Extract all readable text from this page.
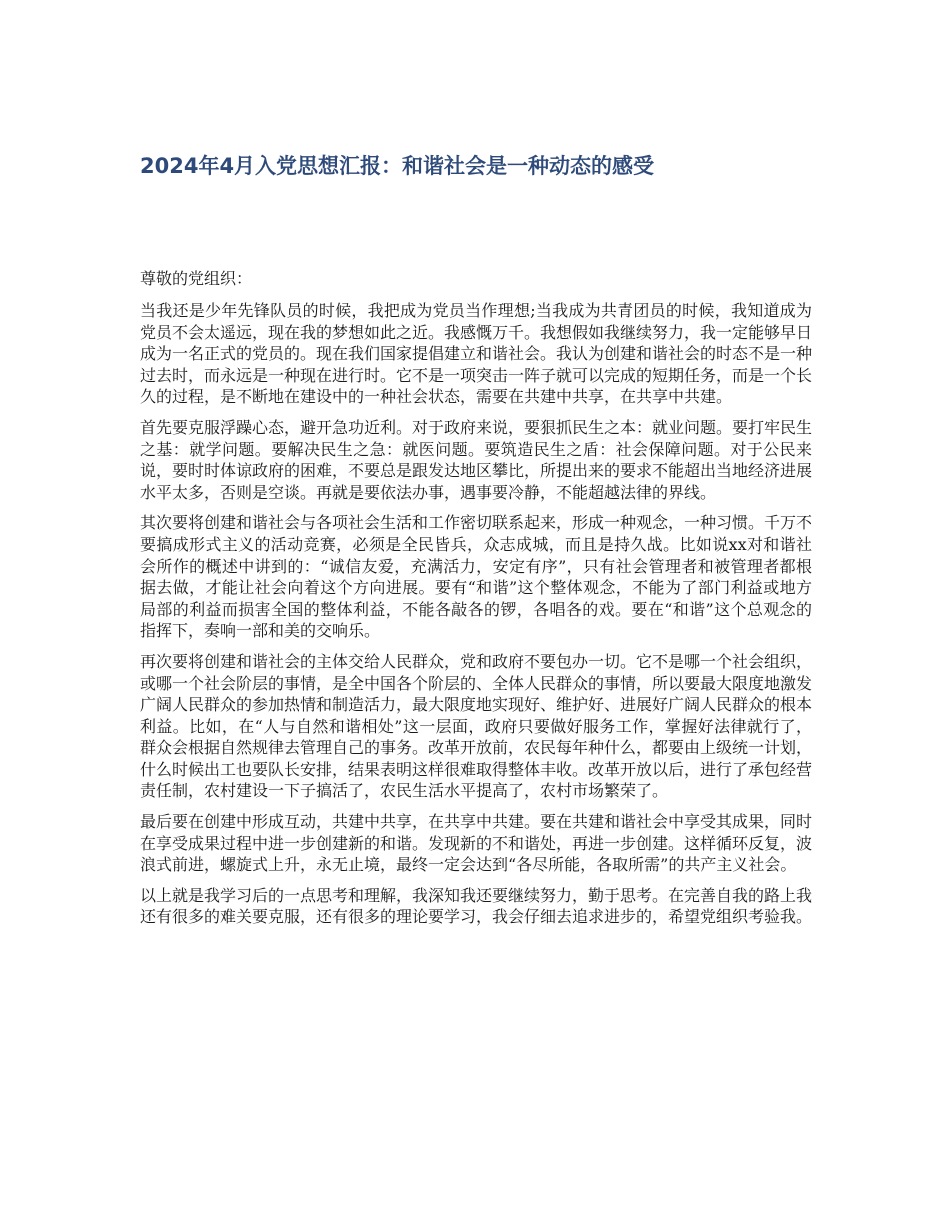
2024年4月入党思想汇报：和谐社会是一种动态的感受

尊敬的党组织：

当我还是少年先锋队员的时候，我把成为党员当作理想;当我成为共青团员的时候，我知道成为党员不会太遥远，现在我的梦想如此之近。我感慨万千。我想假如我继续努力，我一定能够早日成为一名正式的党员的。现在我们国家提倡建立和谐社会。我认为创建和谐社会的时态不是一种过去时，而永远是一种现在进行时。它不是一项突击一阵子就可以完成的短期任务，而是一个长久的过程，是不断地在建设中的一种社会状态，需要在共建中共享，在共享中共建。

首先要克服浮躁心态，避开急功近利。对于政府来说，要狠抓民生之本：就业问题。要打牢民生之基：就学问题。要解决民生之急：就医问题。要筑造民生之盾：社会保障问题。对于公民来说，要时时体谅政府的困难，不要总是跟发达地区攀比，所提出来的要求不能超出当地经济进展水平太多，否则是空谈。再就是要依法办事，遇事要冷静，不能超越法律的界线。

其次要将创建和谐社会与各项社会生活和工作密切联系起来，形成一种观念，一种习惯。千万不要搞成形式主义的活动竞赛，必须是全民皆兵，众志成城，而且是持久战。比如说xx对和谐社会所作的概述中讲到的：“诚信友爱，充满活力，安定有序”，只有社会管理者和被管理者都根据去做，才能让社会向着这个方向进展。要有“和谐”这个整体观念，不能为了部门利益或地方局部的利益而损害全国的整体利益，不能各敲各的锣，各唱各的戏。要在“和谐”这个总观念的指挥下，奏响一部和美的交响乐。

再次要将创建和谐社会的主体交给人民群众，党和政府不要包办一切。它不是哪一个社会组织，或哪一个社会阶层的事情，是全中国各个阶层的、全体人民群众的事情，所以要最大限度地激发广阔人民群众的参加热情和制造活力，最大限度地实现好、维护好、进展好广阔人民群众的根本利益。比如，在“人与自然和谐相处”这一层面，政府只要做好服务工作，掌握好法律就行了，群众会根据自然规律去管理自己的事务。改革开放前，农民每年种什么，都要由上级统一计划，什么时候出工也要队长安排，结果表明这样很难取得整体丰收。改革开放以后，进行了承包经营责任制，农村建设一下子搞活了，农民生活水平提高了，农村市场繁荣了。

最后要在创建中形成互动，共建中共享，在共享中共建。要在共建和谐社会中享受其成果，同时在享受成果过程中进一步创建新的和谐。发现新的不和谐处，再进一步创建。这样循环反复，波浪式前进，螺旋式上升，永无止境，最终一定会达到“各尽所能，各取所需”的共产主义社会。

以上就是我学习后的一点思考和理解，我深知我还要继续努力，勤于思考。在完善自我的路上我还有很多的难关要克服，还有很多的理论要学习，我会仔细去追求进步的，希望党组织考验我。
